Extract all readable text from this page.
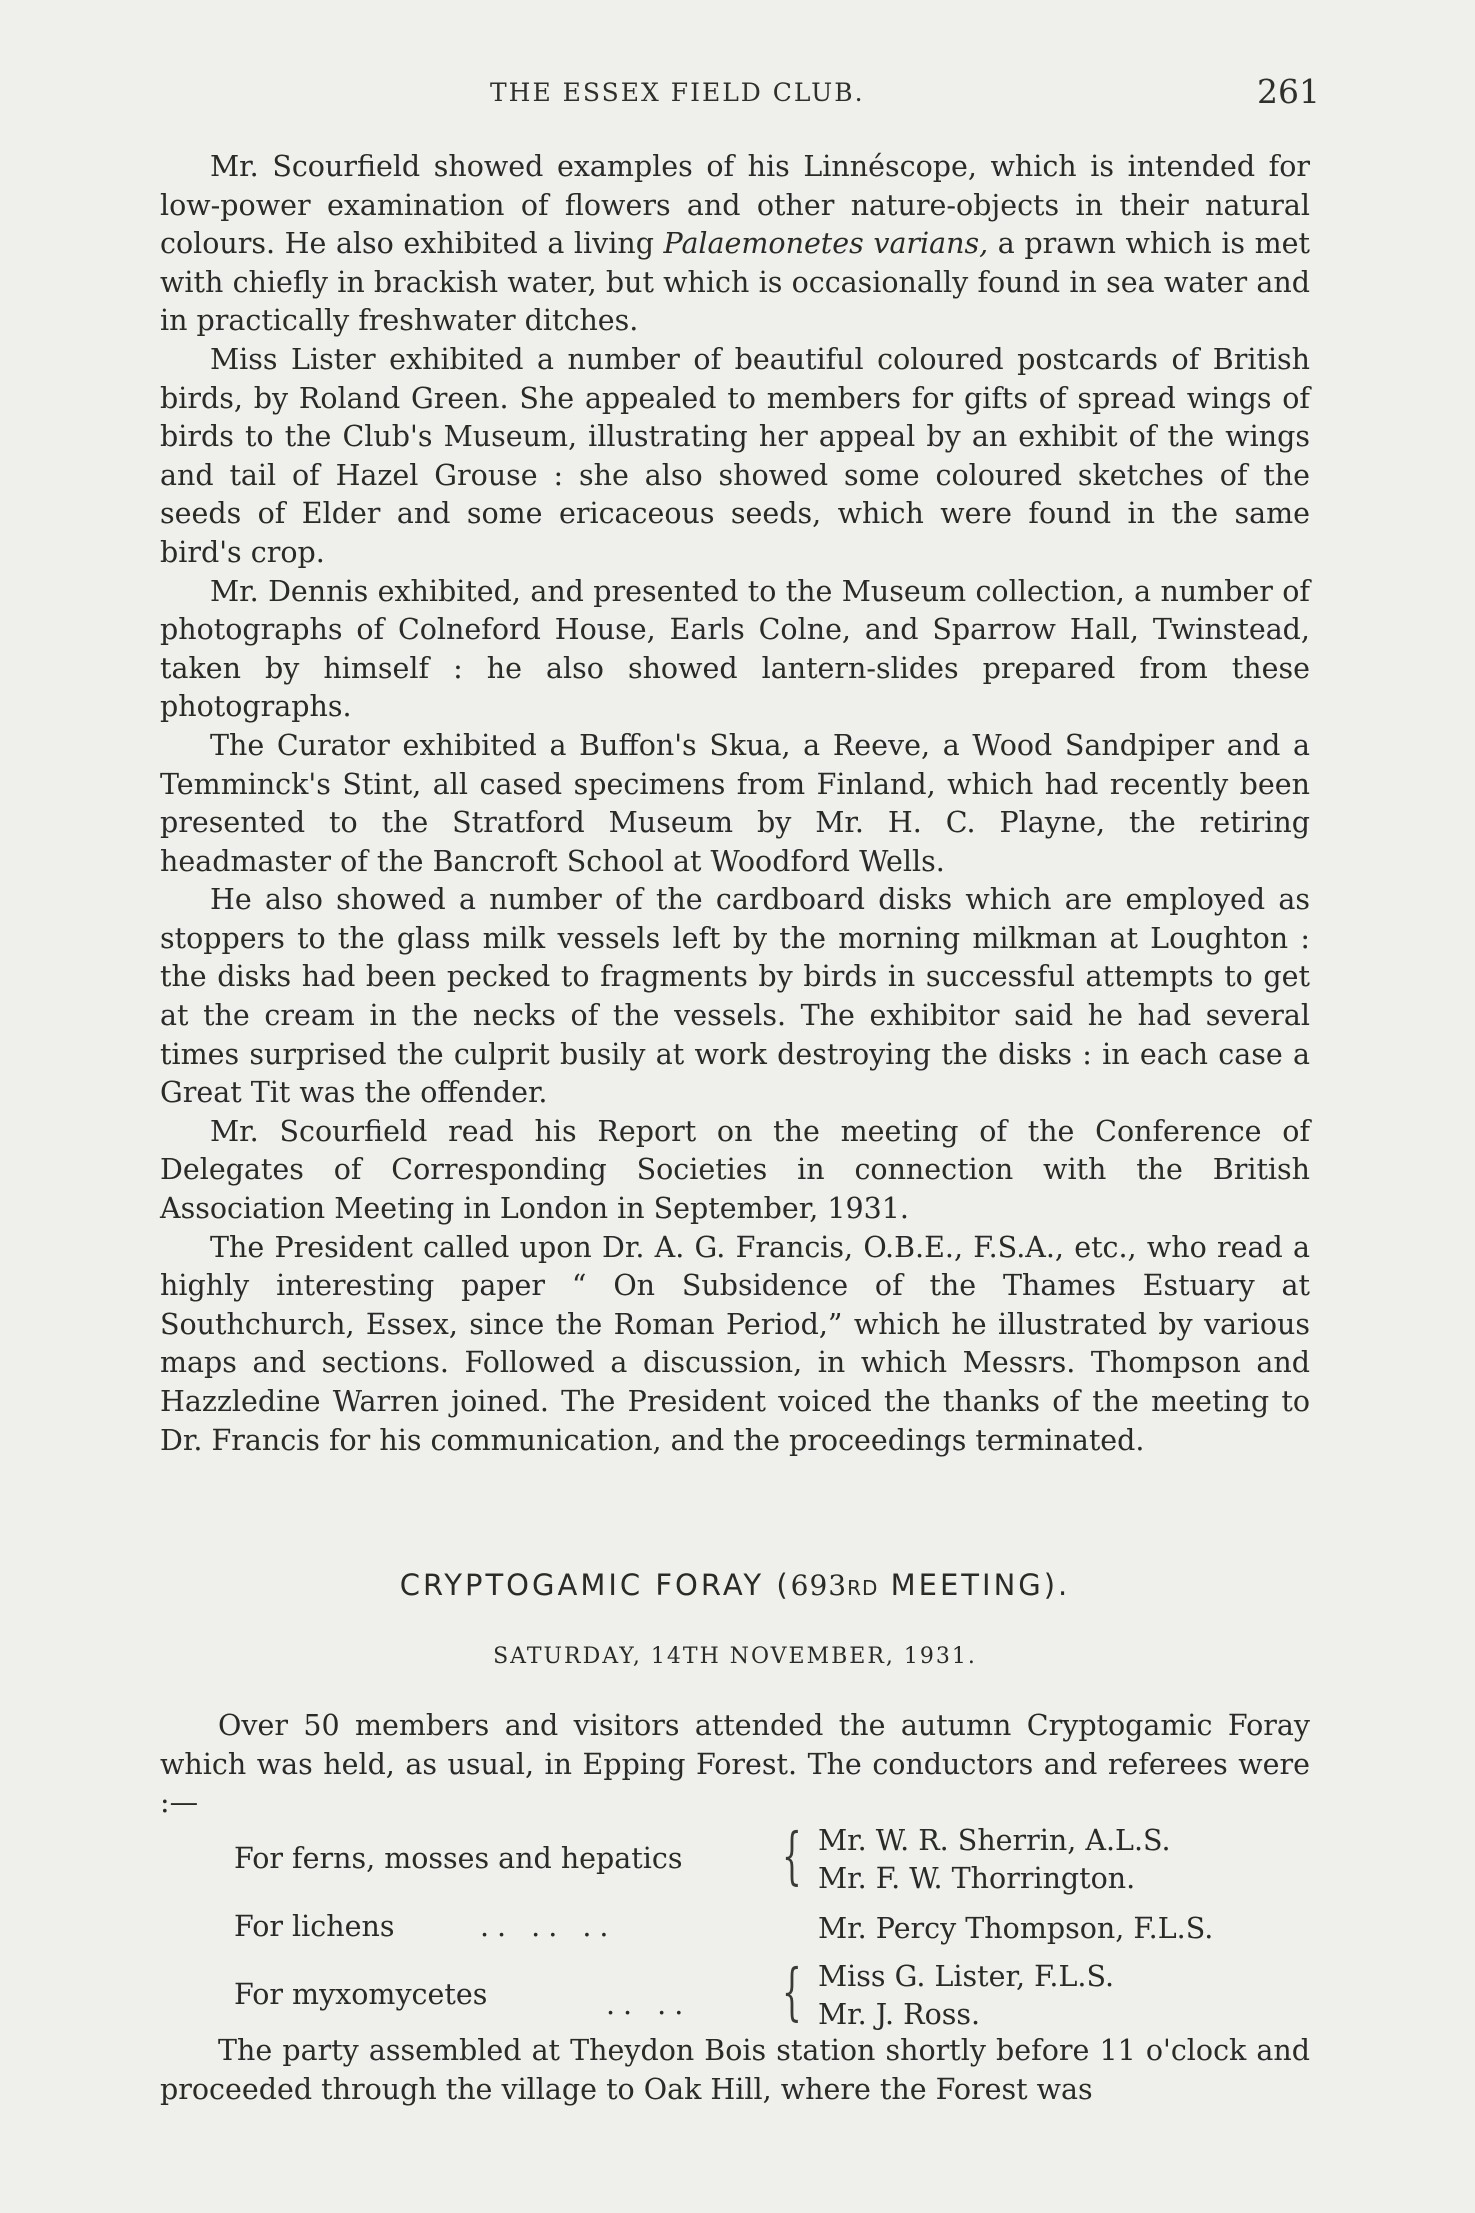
THE ESSEX FIELD CLUB.	261

Mr. Scourfield showed examples of his Linnéscope, which is intended for low-power examination of flowers and other nature-objects in their natural colours. He also exhibited a living Palaemonetes varians, a prawn which is met with chiefly in brackish water, but which is occasionally found in sea water and in practically freshwater ditches.

Miss Lister exhibited a number of beautiful coloured postcards of British birds, by Roland Green. She appealed to members for gifts of spread wings of birds to the Club's Museum, illustrating her appeal by an exhibit of the wings and tail of Hazel Grouse : she also showed some coloured sketches of the seeds of Elder and some ericaceous seeds, which were found in the same bird's crop.

Mr. Dennis exhibited, and presented to the Museum collection, a number of photographs of Colneford House, Earls Colne, and Sparrow Hall, Twinstead, taken by himself : he also showed lantern-slides prepared from these photographs.

The Curator exhibited a Buffon's Skua, a Reeve, a Wood Sandpiper and a Temminck's Stint, all cased specimens from Finland, which had recently been presented to the Stratford Museum by Mr. H. C. Playne, the retiring headmaster of the Bancroft School at Woodford Wells.

He also showed a number of the cardboard disks which are employed as stoppers to the glass milk vessels left by the morning milkman at Loughton : the disks had been pecked to fragments by birds in successful attempts to get at the cream in the necks of the vessels. The exhibitor said he had several times surprised the culprit busily at work destroying the disks : in each case a Great Tit was the offender.

Mr. Scourfield read his Report on the meeting of the Conference of Delegates of Corresponding Societies in connection with the British Association Meeting in London in September, 1931.

The President called upon Dr. A. G. Francis, O.B.E., F.S.A., etc., who read a highly interesting paper “ On Subsidence of the Thames Estuary at Southchurch, Essex, since the Roman Period,” which he illustrated by various maps and sections. Followed a discussion, in which Messrs. Thompson and Hazzledine Warren joined. The President voiced the thanks of the meeting to Dr. Francis for his communication, and the proceedings terminated.

CRYPTOGAMIC FORAY (693RD MEETING).
SATURDAY, 14TH NOVEMBER, 1931.

Over 50 members and visitors attended the autumn Cryptogamic Foray which was held, as usual, in Epping Forest. The conductors and referees were :—

For ferns, mosses and hepatics { Mr. W. R. Sherrin, A.L.S.
Mr. F. W. Thorrington.
For lichens	.. .. ..	Mr. Percy Thompson, F.L.S.
For myxomycetes	.. .. { Miss G. Lister, F.L.S.
Mr. J. Ross.

The party assembled at Theydon Bois station shortly before 11 o'clock and proceeded through the village to Oak Hill, where the Forest was
